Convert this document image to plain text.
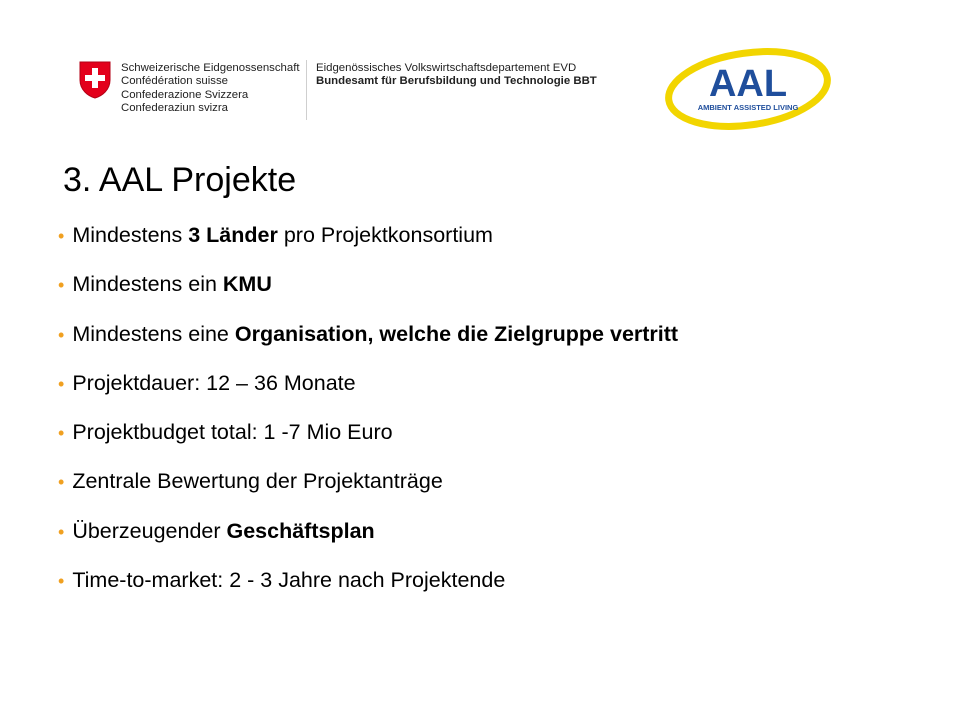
Schweizerische Eidgenossenschaft
Confédération suisse
Confederazione Svizzera
Confederaziun svizra
Eidgenössisches Volkswirtschaftsdepartement EVD
Bundesamt für Berufsbildung und Technologie BBT	AAL
AMBIENT ASSISTED LIVING
3. AAL Projekte
• Mindestens 3 Länder pro Projektkonsortium
• Mindestens ein KMU
• Mindestens eine Organisation, welche die Zielgruppe vertritt
• Projektdauer: 12 – 36 Monate
• Projektbudget total: 1 -7 Mio Euro
• Zentrale Bewertung der Projektanträge
• Überzeugender Geschäftsplan
• Time-to-market: 2 - 3 Jahre nach Projektende
